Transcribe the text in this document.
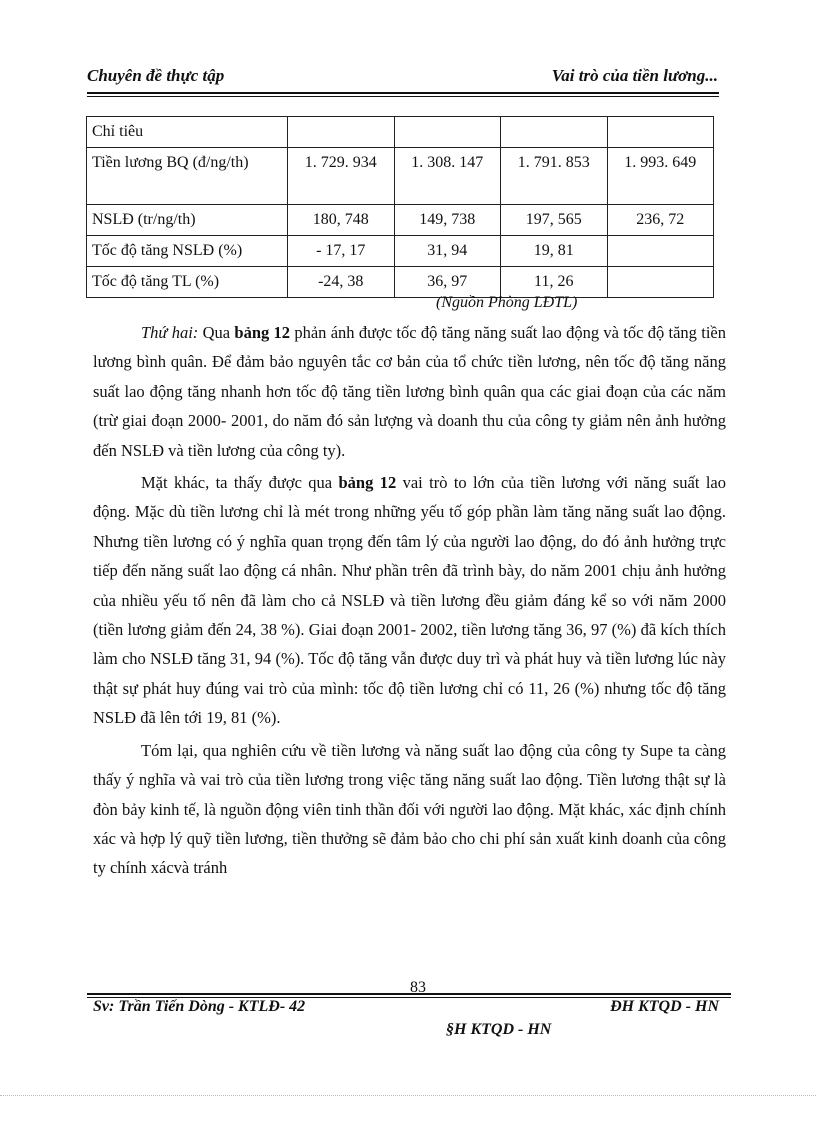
Chuyên đề thực tập	Vai trò của tiền lương...
Chỉ tiêu				
Tiền lương BQ (đ/ng/th)	1. 729. 934	1. 308. 147	1. 791. 853	1. 993. 649
NSLĐ (tr/ng/th)	180, 748	149, 738	197, 565	236, 72
Tốc độ tăng NSLĐ (%)	- 17, 17	31, 94	19, 81	
Tốc độ tăng TL (%)	-24, 38	36, 97	11, 26	
(Nguồn Phòng LĐTL)

Thứ hai: Qua bảng 12 phản ánh được tốc độ tăng năng suất lao động và tốc độ tăng tiền lương bình quân. Để đảm bảo nguyên tắc cơ bản của tổ chức tiền lương, nên tốc độ tăng năng suất lao động tăng nhanh hơn tốc độ tăng tiền lương bình quân qua các giai đoạn của các năm (trừ giai đoạn 2000- 2001, do năm đó sản lượng và doanh thu của công ty giảm nên ảnh hưởng đến NSLĐ và tiền lương của công ty).

Mặt khác, ta thấy được qua bảng 12 vai trò to lớn của tiền lương với năng suất lao động. Mặc dù tiền lương chỉ là mét trong những yếu tố góp phần làm tăng năng suất lao động. Nhưng tiền lương có ý nghĩa quan trọng đến tâm lý của người lao động, do đó ảnh hưởng trực tiếp đến năng suất lao động cá nhân. Như phần trên đã trình bày, do năm 2001 chịu ảnh hưởng của nhiều yếu tố nên đã làm cho cả NSLĐ và tiền lương đều giảm đáng kể so với năm 2000 (tiền lương giảm đến 24, 38 %). Giai đoạn 2001- 2002, tiền lương tăng 36, 97 (%) đã kích thích làm cho NSLĐ tăng 31, 94 (%). Tốc độ tăng vẫn được duy trì và phát huy và tiền lương lúc này thật sự phát huy đúng vai trò của mình: tốc độ tiền lương chỉ có 11, 26 (%) nhưng tốc độ tăng NSLĐ đã lên tới 19, 81 (%).

Tóm lại, qua nghiên cứu về tiền lương và năng suất lao động của công ty Supe ta càng thấy ý nghĩa và vai trò của tiền lương trong việc tăng năng suất lao động. Tiền lương thật sự là đòn bảy kinh tế, là nguồn động viên tinh thần đối với người lao động. Mặt khác, xác định chính xác và hợp lý quỹ tiền lương, tiền thưởng sẽ đảm bảo cho chi phí sản xuất kinh doanh của công ty chính xácvà tránh

83
Sv: Trần Tiến Dòng - KTLĐ- 42	ĐH KTQD - HN
§H KTQD - HN
